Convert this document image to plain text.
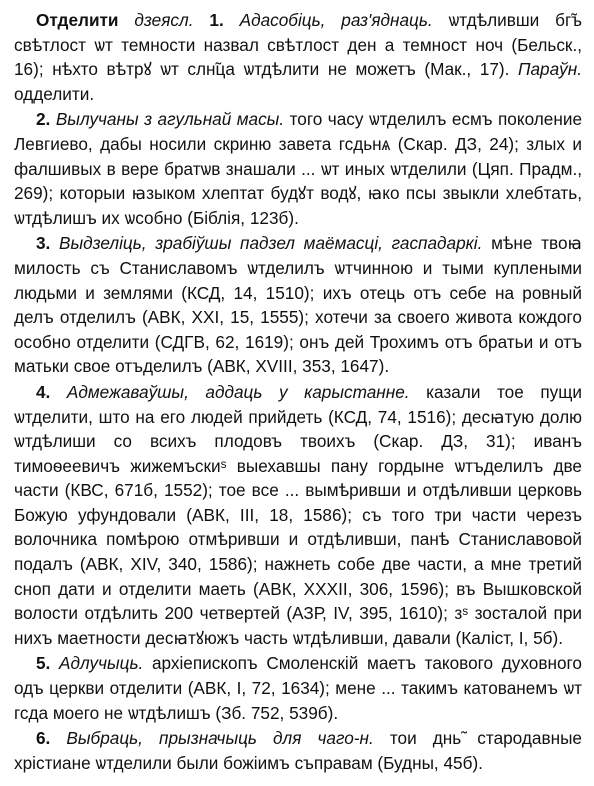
Отделити дзеясл. 1. Адасобіць, раз'яднаць. ѡтдѣливши бг̃ъ свѣтлост ѡт темности назвал свѣтлост ден а темност ноч (Бельск., 16); нѣхто вѣтрꙋ ѡт слн̃ца ѡтдѣлити не можетъ (Мак., 17). Параўн. одделити.

2. Вылучаны з агульнай масы. того часу ѡтделилъ есмъ поколение Левгиево, дабы носили скриню завета гсдьнѧ (Скар. ДЗ, 24); злых и фалшивых в вере братѡв знашали ... ѡт иных ѡтделили (Цяп. Прадм., 269); которыи ꙗзыком хлептат будꙋт водꙋ, ꙗко псы звыкли хлебтать, ѡтдѣлишъ их ѡсобно (Біблія, 123б).

3. Выдзеліць, зрабіўшы падзел маёмасці, гаспадаркі. мѣне твоꙗ милость съ Станиславомъ ѡтделилъ ѡтчинною и тыми куплеными людьми и землями (КСД, 14, 1510); ихъ отець отъ себе на ровный делъ отделилъ (АВК, XXI, 15, 1555); хотечи за своего живота кождого особно отделити (СДГВ, 62, 1619); онъ дей Трохимъ отъ братьи и отъ матьки свое отъделилъ (АВК, XVIII, 353, 1647).

4. Адмежаваўшы, аддаць у карыстанне. казали тое пущи ѡтделити, што на его людей прийдеть (КСД, 74, 1516); десꙗтую долю ѡтдѣлиши со всихъ плодовъ твоихъ (Скар. ДЗ, 31); иванъ тимоѳеевичъ жижемъскиˢ выехавшы пану гордыне ѡтъделилъ две части (КВС, 671б, 1552); тое все ... вымѣривши и отдѣливши церковь Божую уфундовали (АВК, III, 18, 1586); съ того три части черезъ волочника помѣрою отмѣривши и отдѣливши, панѣ Станиславовой подалъ (АВК, XIV, 340, 1586); нажнеть собе две части, а мне третий сноп дати и отделити маеть (АВК, XXXII, 306, 1596); въ Вышковской волости отдѣлить 200 четвертей (АЗР, IV, 395, 1610); зˢ зосталой при нихъ маетности десꙗтꙋюжъ часть ѡтдѣливши, давали (Каліст, I, 5б).

5. Адлучыць. архіепископъ Смоленскій маетъ такового духовного одъ церкви отделити (АВК, I, 72, 1634); мене ... такимъ катованемъ ѡт гсда моего не ѡтдѣлишъ (Зб. 752, 539б).

6. Выбраць, прызначыць для чаго-н. тои днь̃ стародавные хрістиане ѡтделили были божіимъ съправам (Будны, 45б).
